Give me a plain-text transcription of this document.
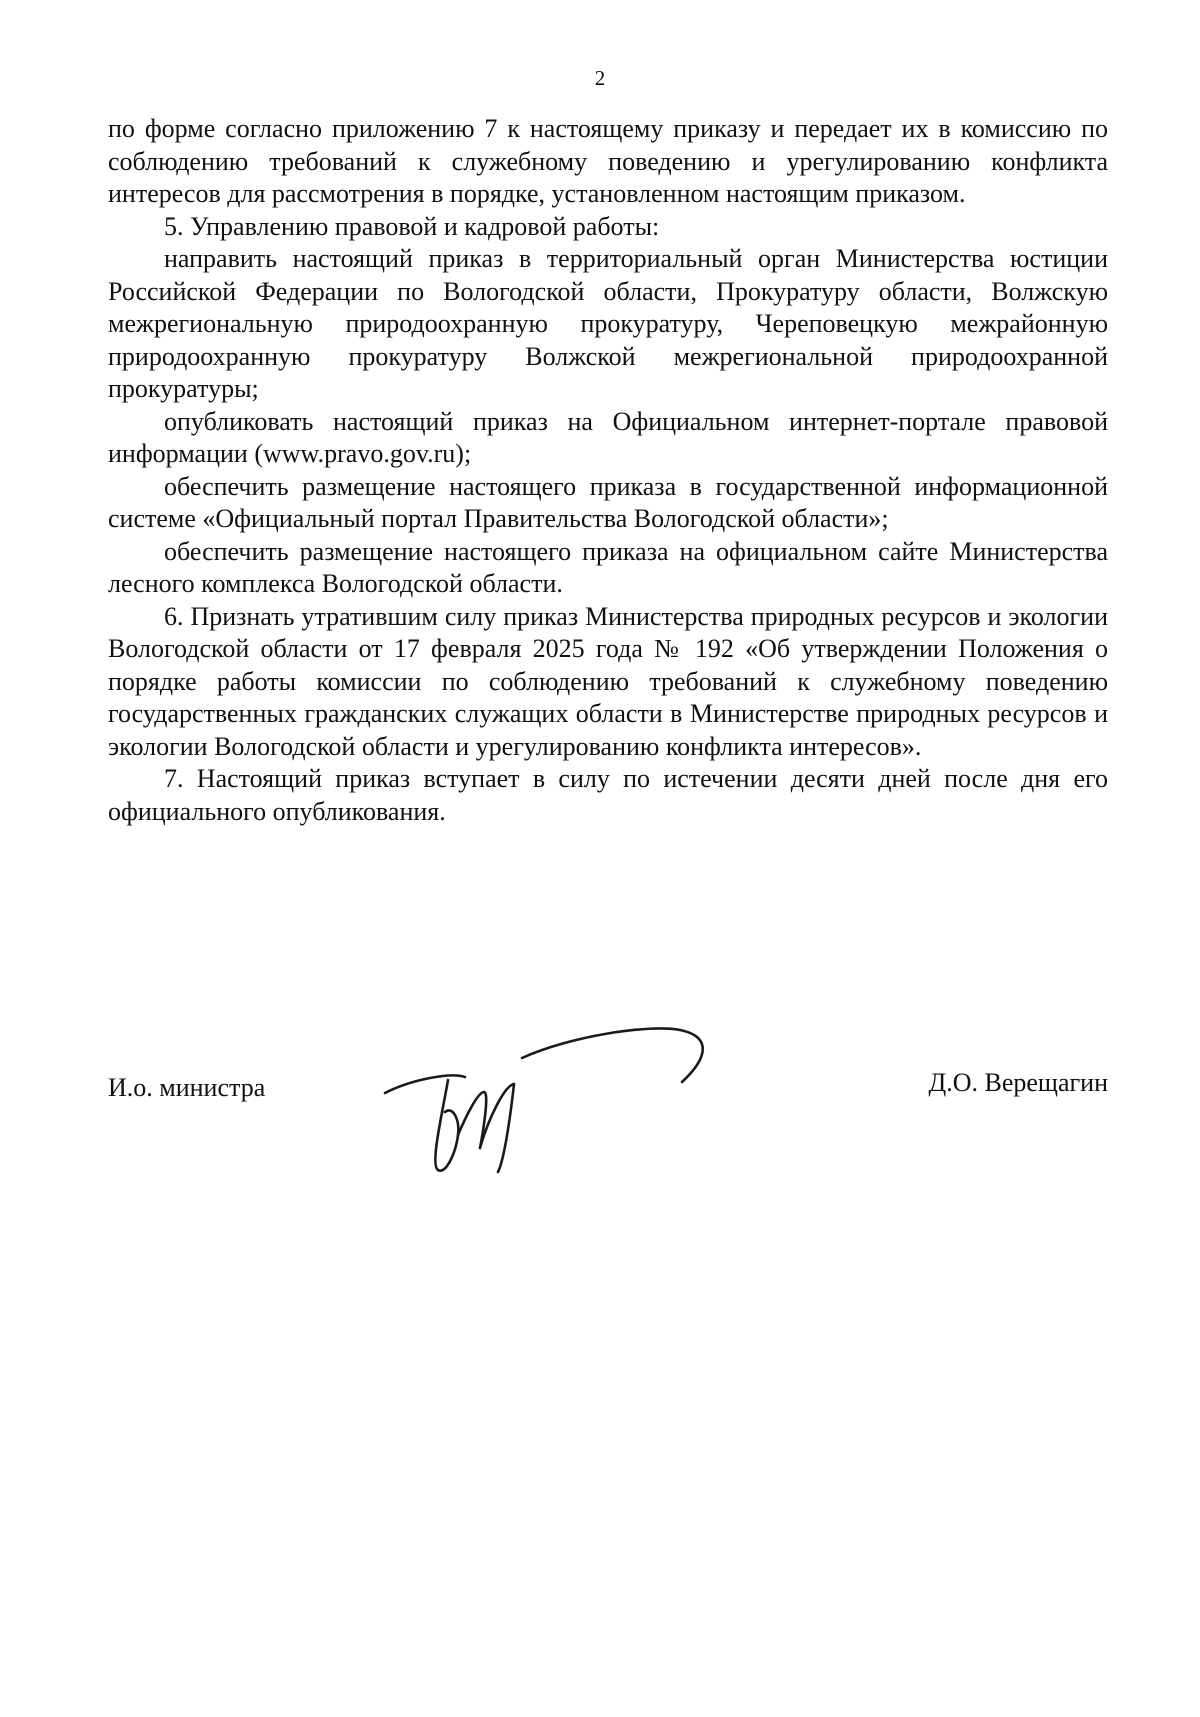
2

по форме согласно приложению 7 к настоящему приказу и передает их в комиссию по соблюдению требований к служебному поведению и урегулированию конфликта интересов для рассмотрения в порядке, установленном настоящим приказом.

5. Управлению правовой и кадровой работы:

направить настоящий приказ в территориальный орган Министерства юстиции Российской Федерации по Вологодской области, Прокуратуру области, Волжскую межрегиональную природоохранную прокуратуру, Череповецкую межрайонную природоохранную прокуратуру Волжской межрегиональной природоохранной прокуратуры;

опубликовать настоящий приказ на Официальном интернет-портале правовой информации (www.pravo.gov.ru);

обеспечить размещение настоящего приказа в государственной информационной системе «Официальный портал Правительства Вологодской области»;

обеспечить размещение настоящего приказа на официальном сайте Министерства лесного комплекса Вологодской области.

6. Признать утратившим силу приказ Министерства природных ресурсов и экологии Вологодской области от 17 февраля 2025 года № 192 «Об утверждении Положения о порядке работы комиссии по соблюдению требований к служебному поведению государственных гражданских служащих области в Министерстве природных ресурсов и экологии Вологодской области и урегулированию конфликта интересов».

7. Настоящий приказ вступает в силу по истечении десяти дней после дня его официального опубликования.

И.о. министра	Д.О. Верещагин
